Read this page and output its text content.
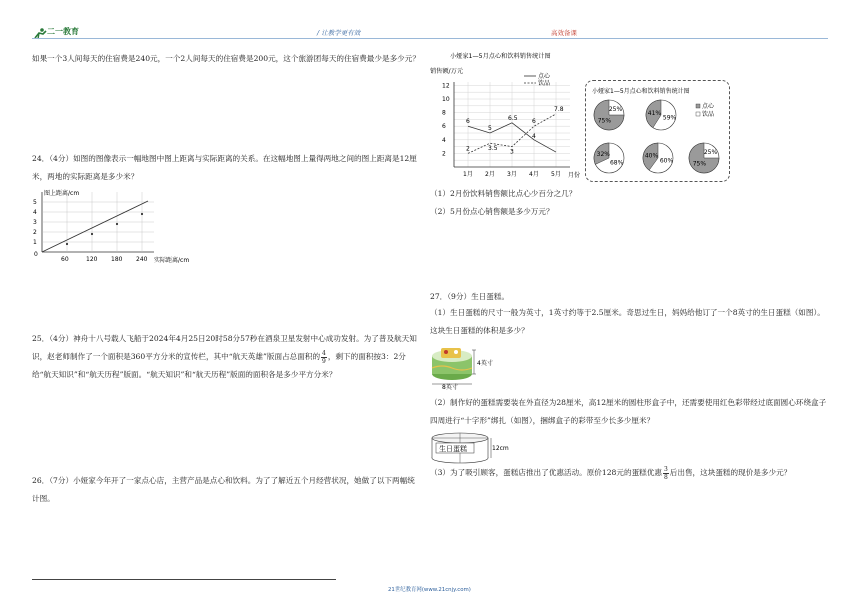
二一教育	/ 让教学更有效	高效备课
如果一个3人间每天的住宿费是240元，一个2人间每天的住宿费是200元，这个旅游团每天的住宿费最少是多少元？
24．（4分）如图的图像表示一幅地图中图上距离与实际距离的关系。在这幅地图上量得两地之间的图上距离是12厘米，两地的实际距离是多少米？
图上距离/cm
0
1
2
3
4
5
60	120 180 240 实际距离/cm
25．（4分）神舟十八号载人飞船于2024年4月25日20时58分57秒在酒泉卫星发射中心成功发射。为了普及航天知识，赵老师制作了一个面积是360平方分米的宣传栏，其中“航天英雄”版面占总面积的 $\frac{4}{9}$ ，剩下的面积按3：2分给“航天知识”和“航天历程”版面。“航天知识”和“航天历程”版面的面积各是多少平方分米？
26．（7分）小娅家今年开了一家点心店，主营产品是点心和饮料。为了了解近五个月经营状况，她做了以下两幅统计图。
小娅家1—5月点心和饮料销售统计图
销售额/万元
2
4
6
8
10
12
1月 2月 3月 4月 5月 月份
点心
饮品
6
5
6.5 6
7.8
2	3.5 3
4
小娅家1—5月点心和饮料销售统计图
点心
饮品
75%
25%
41%
59%
32%
68%
40%
60%	75%
25%
（1）2月份饮料销售额比点心少百分之几？
（2）5月份点心销售额是多少万元？
27．（9分）生日蛋糕。
（1）生日蛋糕的尺寸一般为英寸，1英寸约等于2.5厘米。奇思过生日，妈妈给他订了一个8英寸的生日蛋糕（如图）。这块生日蛋糕的体积是多少？
4英寸
8英寸
（2）制作好的蛋糕需要装在外直径为28厘米，高12厘米的圆柱形盒子中，还需要使用红色彩带经过底面圆心环绕盒子四周进行“十字形”绑扎（如图），捆绑盒子的彩带至少长多少厘米？
生日蛋糕	12cm
（3）为了吸引顾客，蛋糕店推出了优惠活动。原价128元的蛋糕优惠 $\frac{3}{8}$ 后出售，这块蛋糕的现价是多少元？
21世纪教育网(www.21cnjy.com)
